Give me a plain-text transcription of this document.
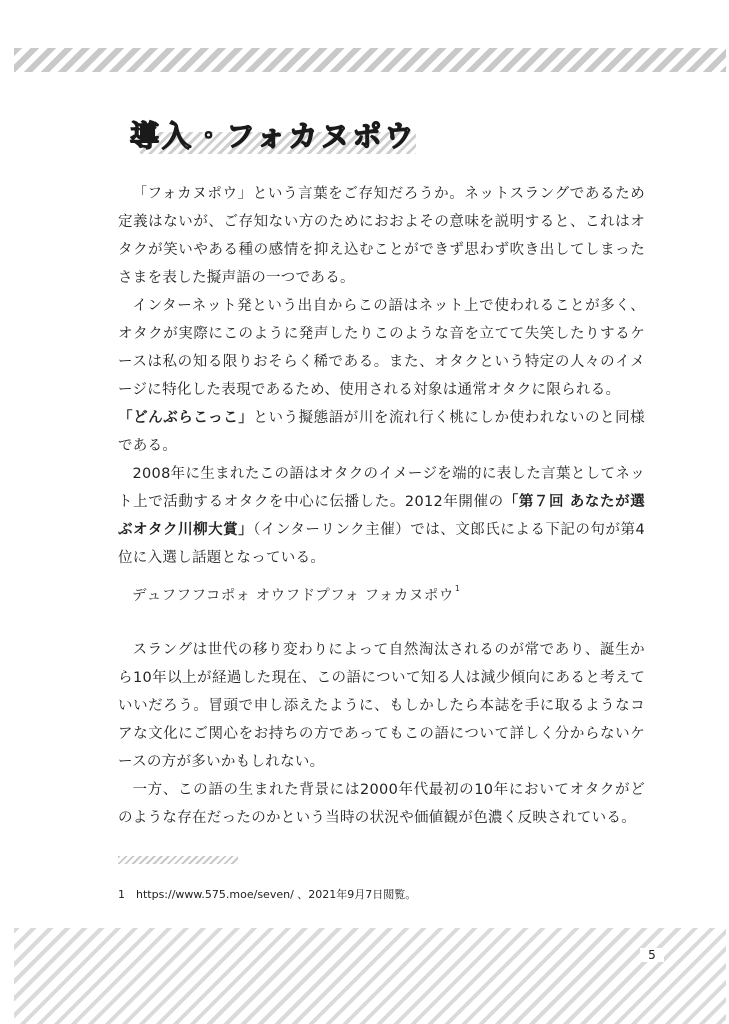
導入・フォカヌポウ

「フォカヌポウ」という言葉をご存知だろうか。ネットスラングであるため定義はないが、ご存知ない方のためにおおよその意味を説明すると、これはオタクが笑いやある種の感情を抑え込むことができず思わず吹き出してしまったさまを表した擬声語の一つである。

インターネット発という出自からこの語はネット上で使われることが多く、オタクが実際にこのように発声したりこのような音を立てて失笑したりするケースは私の知る限りおそらく稀である。また、オタクという特定の人々のイメージに特化した表現であるため、使用される対象は通常オタクに限られる。

「どんぶらこっこ」という擬態語が川を流れ行く桃にしか使われないのと同様である。

2008年に生まれたこの語はオタクのイメージを端的に表した言葉としてネット上で活動するオタクを中心に伝播した。2012年開催の「第７回 あなたが選ぶオタク川柳大賞」（インターリンク主催）では、文郎氏による下記の句が第4位に入選し話題となっている。

デュフフフコポォ オウフドプフォ フォカヌポウ$^1$

スラングは世代の移り変わりによって自然淘汰されるのが常であり、誕生から10年以上が経過した現在、この語について知る人は減少傾向にあると考えていいだろう。冒頭で申し添えたように、もしかしたら本誌を手に取るようなコアな文化にご関心をお持ちの方であってもこの語について詳しく分からないケースの方が多いかもしれない。

一方、この語の生まれた背景には2000年代最初の10年においてオタクがどのような存在だったのかという当時の状況や価値観が色濃く反映されている。

1 https://www.575.moe/seven/ 、2021年9月7日閲覧。
5
